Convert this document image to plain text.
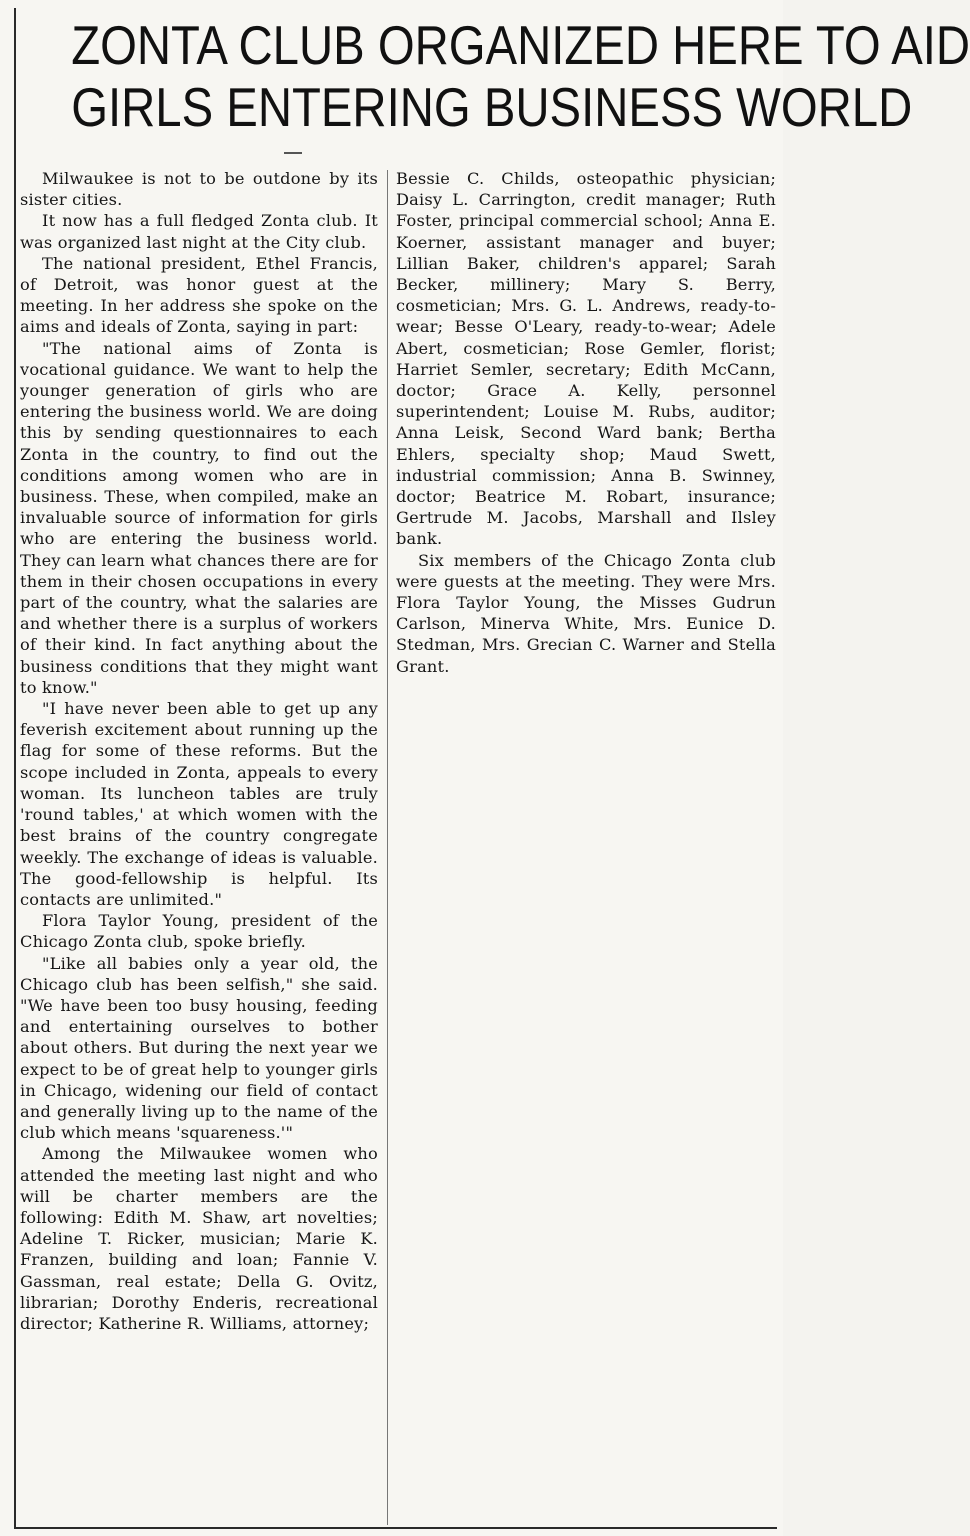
ZONTA CLUB ORGANIZED HERE TO AID
GIRLS ENTERING BUSINESS WORLD

Milwaukee is not to be outdone by its sister cities.

It now has a full fledged Zonta club. It was organized last night at the City club.

The national president, Ethel Francis, of Detroit, was honor guest at the meeting. In her address she spoke on the aims and ideals of Zonta, saying in part:

"The national aims of Zonta is vocational guidance. We want to help the younger generation of girls who are entering the business world. We are doing this by sending questionnaires to each Zonta in the country, to find out the conditions among women who are in business. These, when compiled, make an invaluable source of information for girls who are entering the business world. They can learn what chances there are for them in their chosen occupations in every part of the country, what the salaries are and whether there is a surplus of workers of their kind. In fact anything about the business conditions that they might want to know."

"I have never been able to get up any feverish excitement about running up the flag for some of these reforms. But the scope included in Zonta, appeals to every woman. Its luncheon tables are truly 'round tables,' at which women with the best brains of the country congregate weekly. The exchange of ideas is valuable. The good-fellowship is helpful. Its contacts are unlimited."

Flora Taylor Young, president of the Chicago Zonta club, spoke briefly.

"Like all babies only a year old, the Chicago club has been selfish," she said. "We have been too busy housing, feeding and entertaining ourselves to bother about others. But during the next year we expect to be of great help to younger girls in Chicago, widening our field of contact and generally living up to the name of the club which means 'squareness.'"

Among the Milwaukee women who attended the meeting last night and who will be charter members are the following: Edith M. Shaw, art novelties; Adeline T. Ricker, musician; Marie K. Franzen, building and loan; Fannie V. Gassman, real estate; Della G. Ovitz, librarian; Dorothy Enderis, recreational director; Katherine R. Williams, attorney;

Bessie C. Childs, osteopathic physician; Daisy L. Carrington, credit manager; Ruth Foster, principal commercial school; Anna E. Koerner, assistant manager and buyer; Lillian Baker, children's apparel; Sarah Becker, millinery; Mary S. Berry, cosmetician; Mrs. G. L. Andrews, ready-to-wear; Besse O'Leary, ready-to-wear; Adele Abert, cosmetician; Rose Gemler, florist; Harriet Semler, secretary; Edith McCann, doctor; Grace A. Kelly, personnel superintendent; Louise M. Rubs, auditor; Anna Leisk, Second Ward bank; Bertha Ehlers, specialty shop; Maud Swett, industrial commission; Anna B. Swinney, doctor; Beatrice M. Robart, insurance; Gertrude M. Jacobs, Marshall and Ilsley bank.

Six members of the Chicago Zonta club were guests at the meeting. They were Mrs. Flora Taylor Young, the Misses Gudrun Carlson, Minerva White, Mrs. Eunice D. Stedman, Mrs. Grecian C. Warner and Stella Grant.
